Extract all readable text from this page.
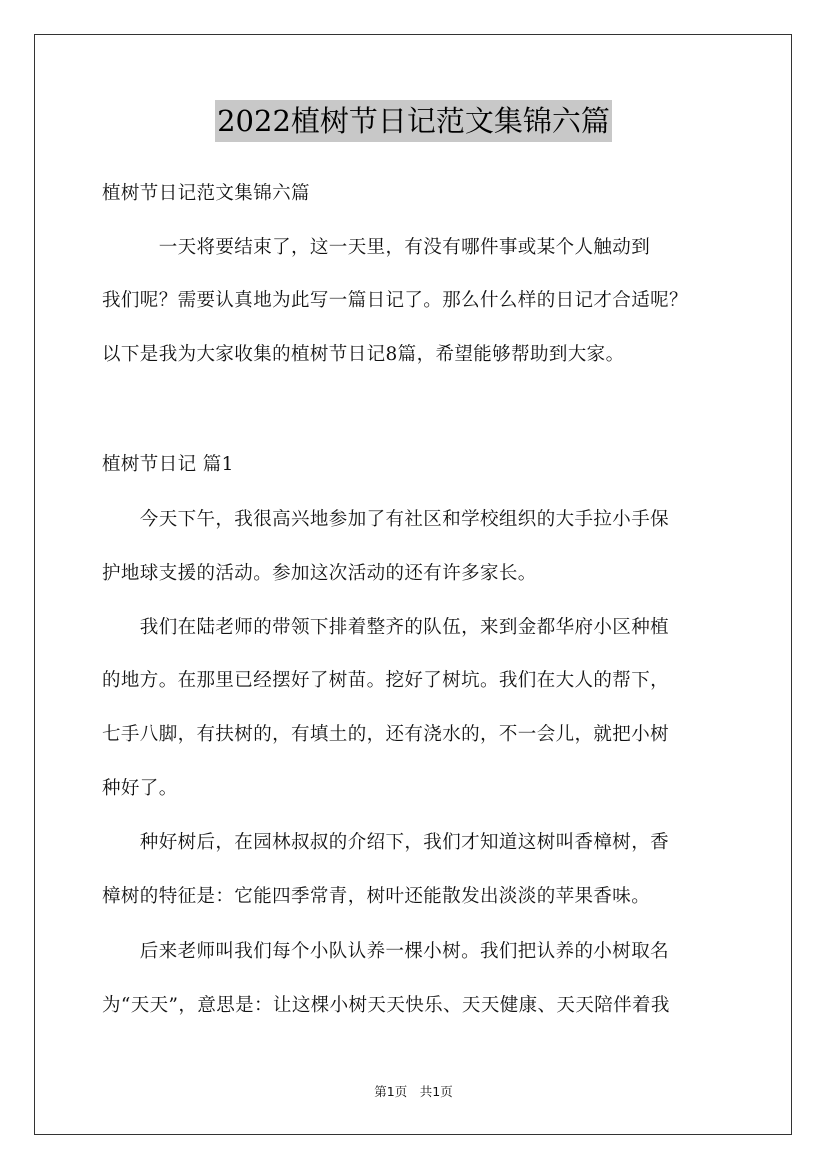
2022植树节日记范文集锦六篇
植树节日记范文集锦六篇
　　　一天将要结束了，这一天里，有没有哪件事或某个人触动到
我们呢？需要认真地为此写一篇日记了。那么什么样的日记才合适呢？
以下是我为大家收集的植树节日记8篇，希望能够帮助到大家。
植树节日记 篇1
　　今天下午，我很高兴地参加了有社区和学校组织的大手拉小手保
护地球支援的活动。参加这次活动的还有许多家长。
　　我们在陆老师的带领下排着整齐的队伍，来到金都华府小区种植
的地方。在那里已经摆好了树苗。挖好了树坑。我们在大人的帮下，
七手八脚，有扶树的，有填土的，还有浇水的，不一会儿，就把小树
种好了。
　　种好树后，在园林叔叔的介绍下，我们才知道这树叫香樟树，香
樟树的特征是：它能四季常青，树叶还能散发出淡淡的苹果香味。
　　后来老师叫我们每个小队认养一棵小树。我们把认养的小树取名
为“天天”，意思是：让这棵小树天天快乐、天天健康、天天陪伴着我
第1页　共1页
